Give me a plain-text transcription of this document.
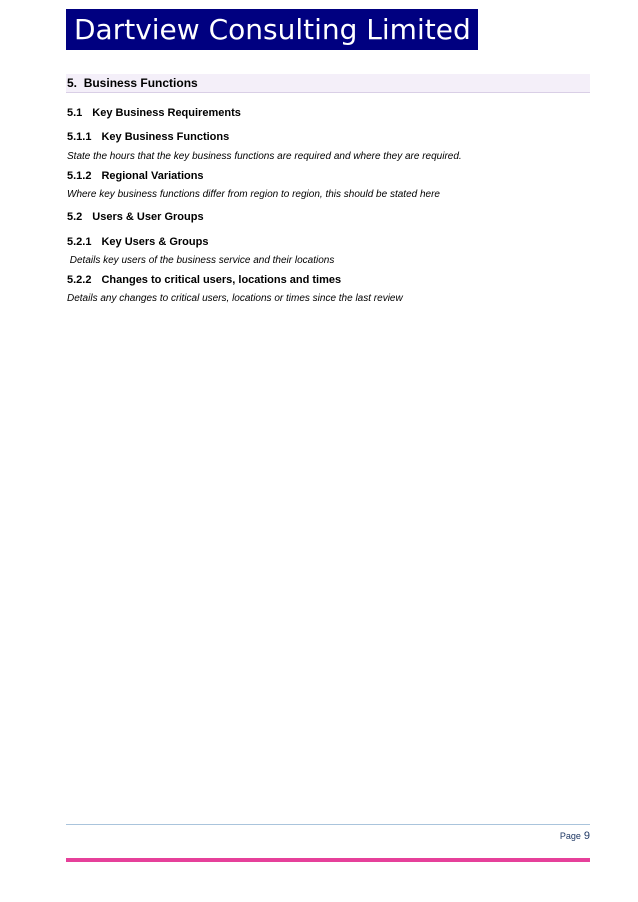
Dartview Consulting Limited
5. Business Functions
5.1 Key Business Requirements
5.1.1 Key Business Functions
State the hours that the key business functions are required and where they are required.
5.1.2 Regional Variations
Where key business functions differ from region to region, this should be stated here
5.2 Users & User Groups
5.2.1 Key Users & Groups
Details key users of the business service and their locations
5.2.2 Changes to critical users, locations and times
Details any changes to critical users, locations or times since the last review
Page 9
